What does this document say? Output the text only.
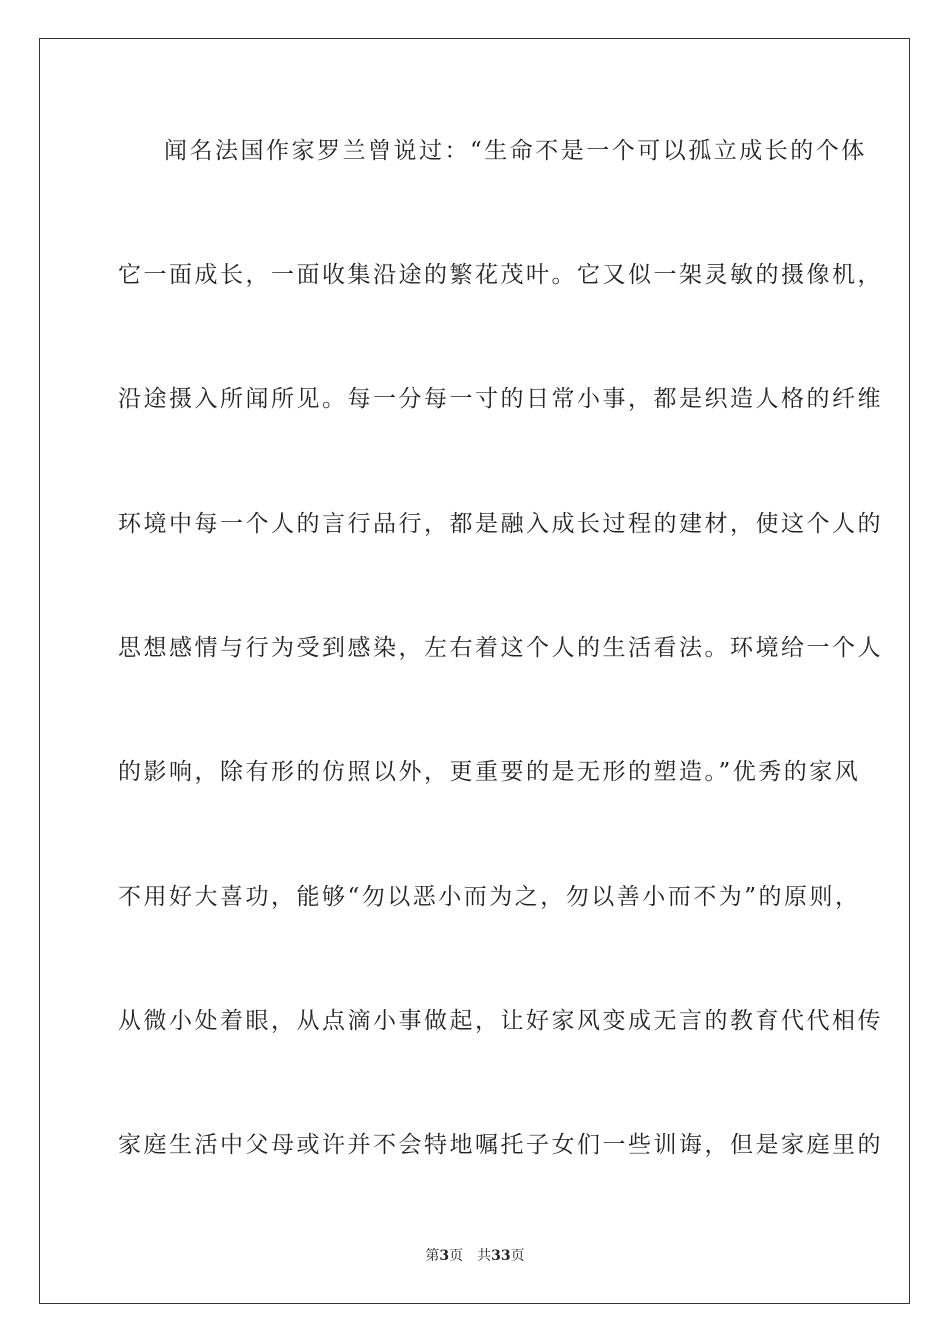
闻名法国作家罗兰曾说过：“生命不是一个可以孤立成长的个体
它一面成长，一面收集沿途的繁花茂叶。它又似一架灵敏的摄像机，
沿途摄入所闻所见。每一分每一寸的日常小事，都是织造人格的纤维
环境中每一个人的言行品行，都是融入成长过程的建材，使这个人的
思想感情与行为受到感染，左右着这个人的生活看法。环境给一个人
的影响，除有形的仿照以外，更重要的是无形的塑造。”优秀的家风
不用好大喜功，能够“勿以恶小而为之，勿以善小而不为”的原则，
从微小处着眼，从点滴小事做起，让好家风变成无言的教育代代相传
家庭生活中父母或许并不会特地嘱托子女们一些训诲，但是家庭里的
第3页 共33页
